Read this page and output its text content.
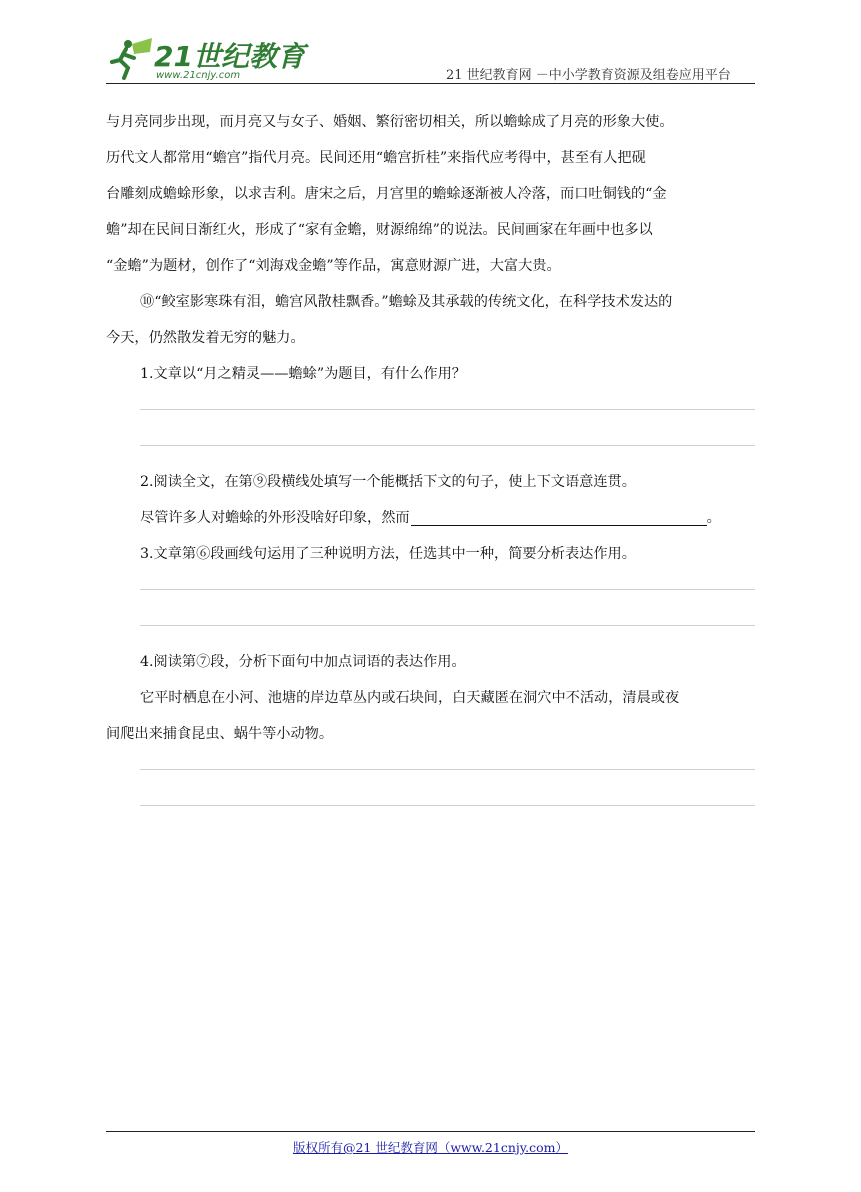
21世纪教育
www.21cnjy.com	21 世纪教育网 －中小学教育资源及组卷应用平台

与月亮同步出现，而月亮又与女子、婚姻、繁衍密切相关，所以蟾蜍成了月亮的形象大使。

历代文人都常用“蟾宫”指代月亮。民间还用“蟾宫折桂”来指代应考得中，甚至有人把砚

台雕刻成蟾蜍形象，以求吉利。唐宋之后，月宫里的蟾蜍逐渐被人冷落，而口吐铜钱的“金

蟾”却在民间日渐红火，形成了“家有金蟾，财源绵绵”的说法。民间画家在年画中也多以

“金蟾”为题材，创作了“刘海戏金蟾”等作品，寓意财源广进，大富大贵。

⑩“鲛室影寒珠有泪，蟾宫风散桂飘香。”蟾蜍及其承载的传统文化，在科学技术发达的

今天，仍然散发着无穷的魅力。

1.文章以“月之精灵——蟾蜍”为题目，有什么作用？

2.阅读全文，在第⑨段横线处填写一个能概括下文的句子，使上下文语意连贯。

尽管许多人对蟾蜍的外形没啥好印象，然而	。

3.文章第⑥段画线句运用了三种说明方法，任选其中一种，简要分析表达作用。

4.阅读第⑦段，分析下面句中加点词语的表达作用。

它平时栖息在小河、池塘的岸边草丛内或石块间，白天藏匿在洞穴中不活动，清晨或夜

间爬出来捕食昆虫、蜗牛等小动物。

版权所有@21 世纪教育网（www.21cnjy.com）
